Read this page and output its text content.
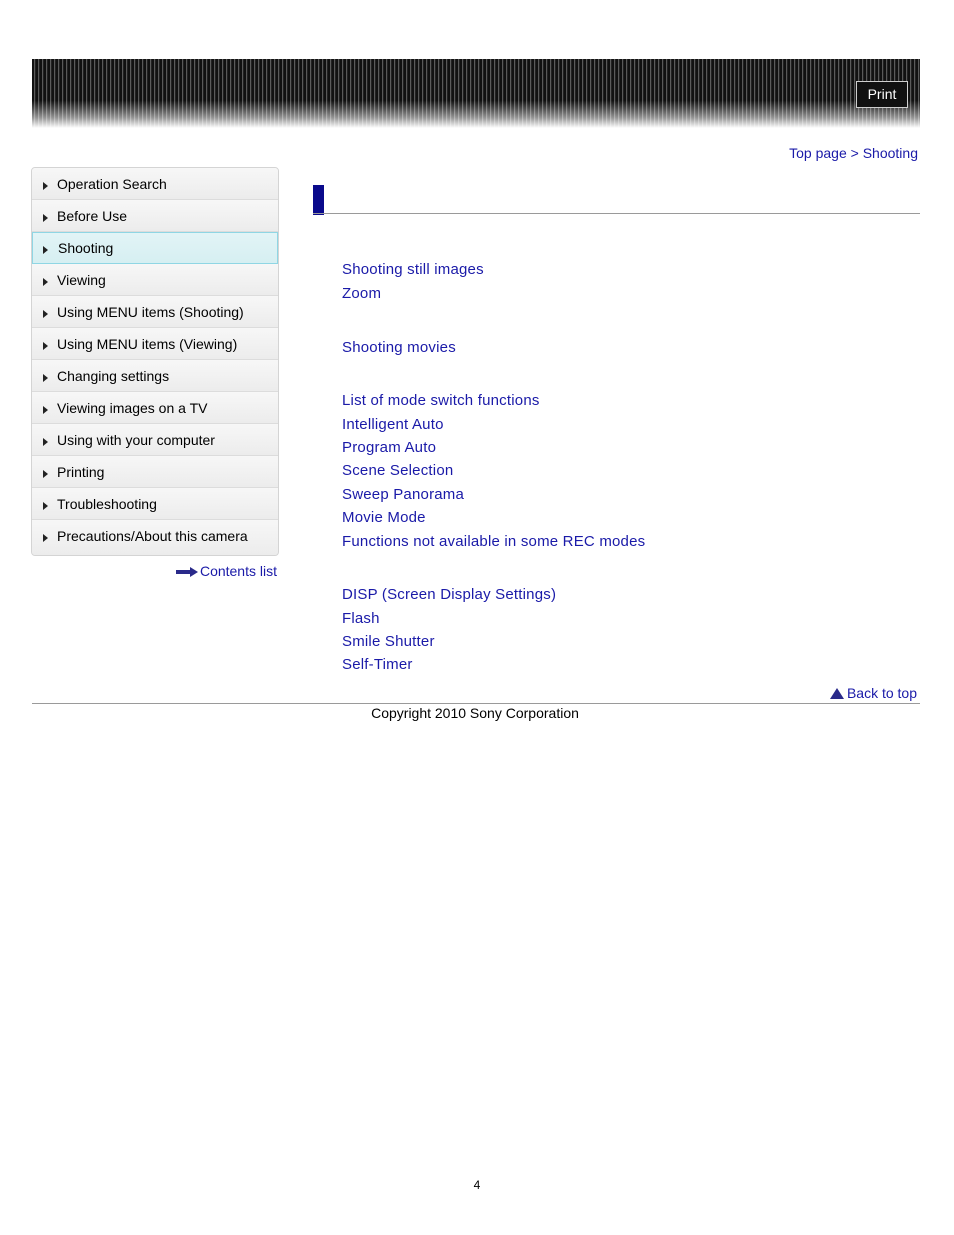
Print
Top page > Shooting
Operation Search
Before Use
Shooting
Viewing
Using MENU items (Shooting)
Using MENU items (Viewing)
Changing settings
Viewing images on a TV
Using with your computer
Printing
Troubleshooting
Precautions/About this camera
Contents list
Shooting still images
Zoom
Shooting movies
List of mode switch functions
Intelligent Auto
Program Auto
Scene Selection
Sweep Panorama
Movie Mode
Functions not available in some REC modes
DISP (Screen Display Settings)
Flash
Smile Shutter
Self-Timer
Back to top
Copyright 2010 Sony Corporation
4
